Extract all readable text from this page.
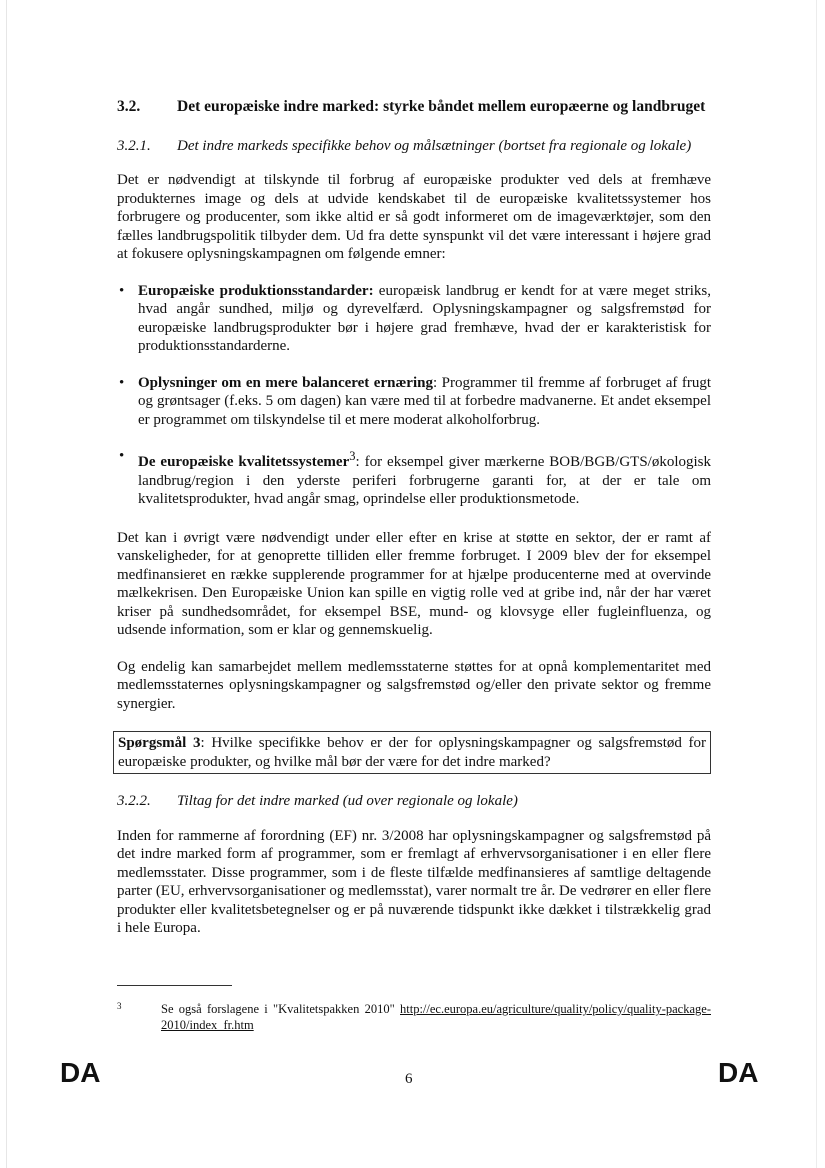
3.2.	Det europæiske indre marked: styrke båndet mellem europæerne og landbruget
3.2.1.	Det indre markeds specifikke behov og målsætninger (bortset fra regionale og lokale)

Det er nødvendigt at tilskynde til forbrug af europæiske produkter ved dels at fremhæve produkternes image og dels at udvide kendskabet til de europæiske kvalitetssystemer hos forbrugere og producenter, som ikke altid er så godt informeret om de imageværktøjer, som den fælles landbrugspolitik tilbyder dem. Ud fra dette synspunkt vil det være interessant i højere grad at fokusere oplysningskampagnen om følgende emner:

• Europæiske produktionsstandarder: europæisk landbrug er kendt for at være meget striks, hvad angår sundhed, miljø og dyrevelfærd. Oplysningskampagner og salgsfremstød for europæiske landbrugsprodukter bør i højere grad fremhæve, hvad der er karakteristisk for produktionsstandarderne.
• Oplysninger om en mere balanceret ernæring: Programmer til fremme af forbruget af frugt og grøntsager (f.eks. 5 om dagen) kan være med til at forbedre madvanerne. Et andet eksempel er programmet om tilskyndelse til et mere moderat alkoholforbrug.
• De europæiske kvalitetssystemer$^3$: for eksempel giver mærkerne BOB/BGB/GTS/økologisk landbrug/region i den yderste periferi forbrugerne garanti for, at der er tale om kvalitetsprodukter, hvad angår smag, oprindelse eller produktionsmetode.

Det kan i øvrigt være nødvendigt under eller efter en krise at støtte en sektor, der er ramt af vanskeligheder, for at genoprette tilliden eller fremme forbruget. I 2009 blev der for eksempel medfinansieret en række supplerende programmer for at hjælpe producenterne med at overvinde mælkekrisen. Den Europæiske Union kan spille en vigtig rolle ved at gribe ind, når der har været kriser på sundhedsområdet, for eksempel BSE, mund- og klovsyge eller fugleinfluenza, og udsende information, som er klar og gennemskuelig.

Og endelig kan samarbejdet mellem medlemsstaterne støttes for at opnå komplementaritet med medlemsstaternes oplysningskampagner og salgsfremstød og/eller den private sektor og fremme synergier.

Spørgsmål 3: Hvilke specifikke behov er der for oplysningskampagner og salgsfremstød for europæiske produkter, og hvilke mål bør der være for det indre marked?
3.2.2.	Tiltag for det indre marked (ud over regionale og lokale)

Inden for rammerne af forordning (EF) nr. 3/2008 har oplysningskampagner og salgsfremstød på det indre marked form af programmer, som er fremlagt af erhvervsorganisationer i en eller flere medlemsstater. Disse programmer, som i de fleste tilfælde medfinansieres af samtlige deltagende parter (EU, erhvervsorganisationer og medlemsstat), varer normalt tre år. De vedrører en eller flere produkter eller kvalitetsbetegnelser og er på nuværende tidspunkt ikke dækket i tilstrækkelig grad i hele Europa.

3	Se også forslagene i "Kvalitetspakken 2010" http://ec.europa.eu/agriculture/quality/policy/quality-package-2010/index_fr.htm
DA	6	DA
